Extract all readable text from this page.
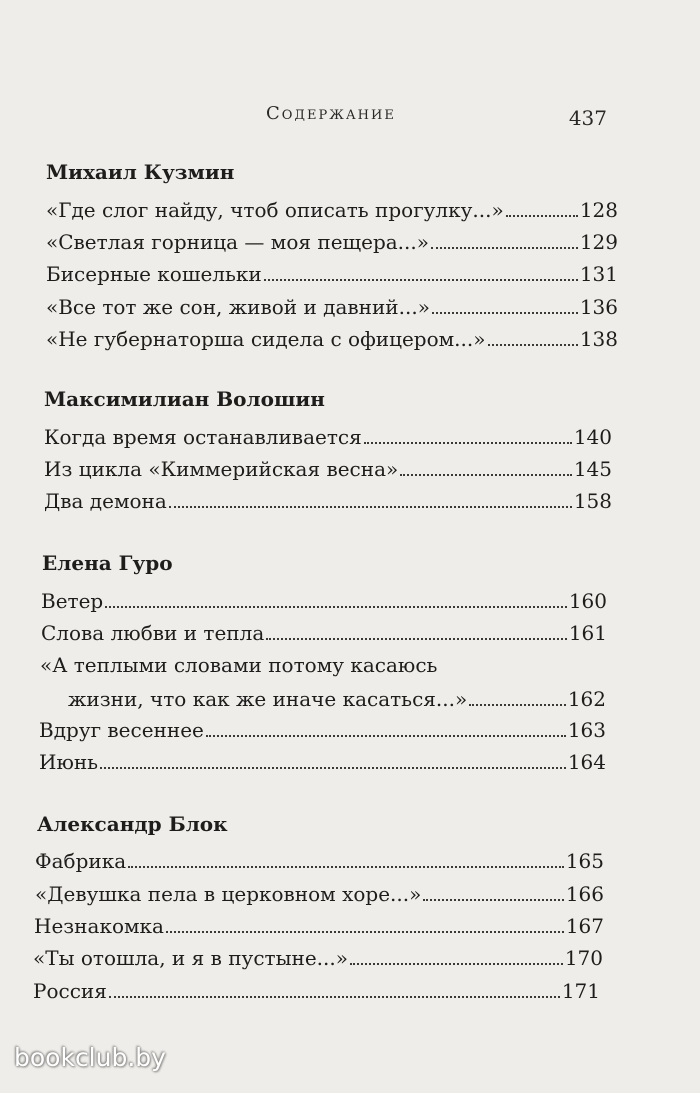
Содержание	437
Михаил Кузмин
«Где слог найду, чтоб описать прогулку...»	128
«Светлая горница — моя пещера...»	129
Бисерные кошельки	131
«Все тот же сон, живой и давний...»	136
«Не губернаторша сидела с офицером...»	138
Максимилиан Волошин
Когда время останавливается	140
Из цикла «Киммерийская весна»	145
Два демона	158
Елена Гуро
Ветер	160
Слова любви и тепла	161
«А теплыми словами потому касаюсь
жизни, что как же иначе касаться...»	162
Вдруг весеннее	163
Июнь	164
Александр Блок
Фабрика	165
«Девушка пела в церковном хоре...»	166
Незнакомка	167
«Ты отошла, и я в пустыне...»	170
Россия	171
bookclub.by
